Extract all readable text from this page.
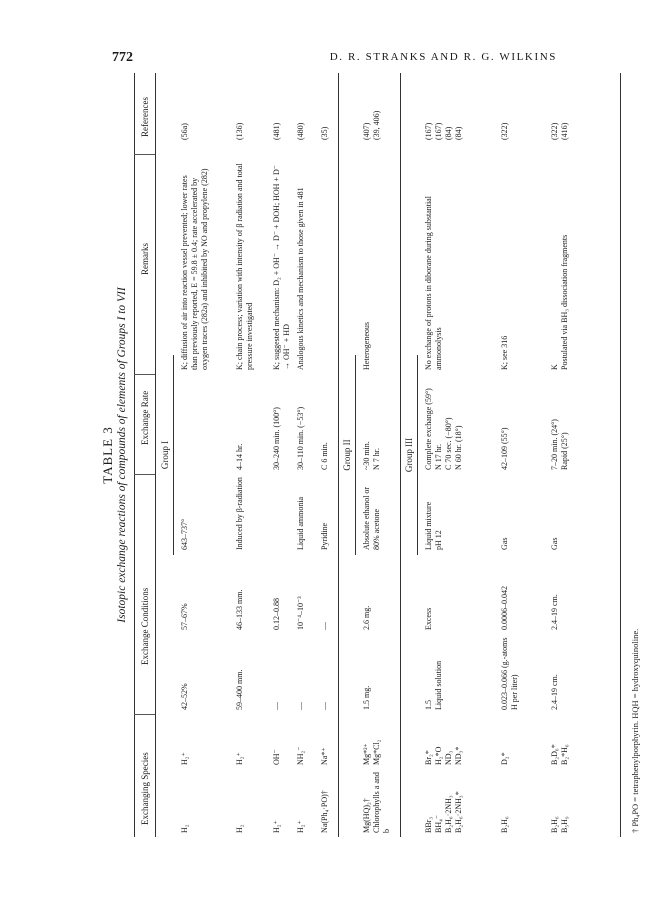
772	D. R. STRANKS AND R. G. WILKINS
TABLE 3 Isotopic exchange reactions of compounds of elements of Groups I to VII
Exchanging Species
Exchange Conditions
Exchange Rate
Remarks
References
Group I
H₂
H₂⁺
42–52%
57–67%
643–737°
K; diffusion of air into reaction vessel prevented; lower rates than previously reported, E = 59.8 ± 0.4; rate accelerated by oxygen traces (282a) and inhibited by NO and propylene (282)
(56a)
H₂
H₂⁺
59–400 mm.
46–133 mm.
Induced by β-radiation
4–14 hr.
K; chain process; variation with intensity of β radiation and total pressure investigated
(136)
H₂⁺
OH⁻
—
0.12–0.88
30–240 min. (100°)
K; suggested mechanism: D₂ + OH⁻ → D⁻ + DOH; HOH + D⁻ → OH⁻ + HD
(481)
H₂⁺
NH₂⁻
—
10⁻⁴–10⁻³
Liquid ammonia
30–110 min. (−53°)
Analogous kinetics and mechanism to those given in 481
(480)
Na(Ph₄·PO)†
Na*⁺
—
—
Pyridine
C 6 min.
(35)
Group II
Mg(HQ)₂†
Chlorophylls a and b
Mg*²⁺
Mg*Cl₂
1.5 mg.
2.6 mg.
Absolute ethanol or 80% acetone
~30 min.
N 7 hr.
Heterogeneous
(407)
(39, 406)
Group III
BBr₃
BH₄⁻
B₂H₆·2NH₃
B₂H₆·2NH₃*
Br₂*
H₂*O
ND₃
ND₃*
1.5
Liquid solution
Excess
Liquid mixture
pH 12
Complete exchange (59°)
N 17 hr.
C 70 sec. (−80°)
N 60 hr. (18°)
No exchange of protons in diborane during substantial ammonolysis
(167)
(167)
(84)
(84)
B₂H₆
D₂*
0.023–0.066 (g.-atoms H per liter)
0.0006–0.042
Gas
42–109 (55°)
K; see 316
(322)
B₂H₆
B₅H₉
B₂D₆*
B₂*H₆
2.4–19 cm.
2.4–19 cm.
Gas
7–20 min. (24°)
Rapid (25°)
K
Postulated via BH₃ dissociation fragments
(322)
(416)
† Ph₄PO = tetraphenylporphyrin. HQH = hydroxyquinoline.
